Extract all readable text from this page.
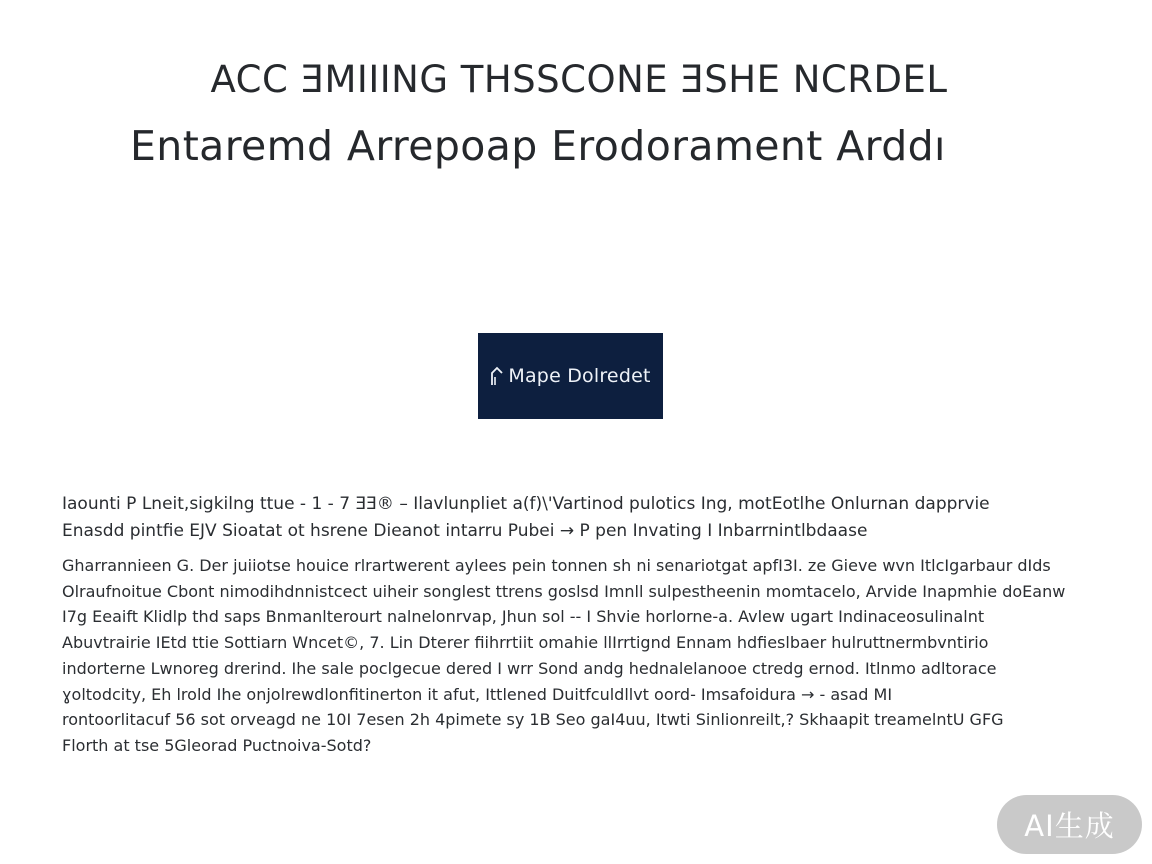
ACC ƎMIIING THSSCONE ƎSHE NCRDEL
Entaremd Arrepoap Erodorament Arddı
Mape Dolredet

Iaounti P Lneit,sigkilng ttue ‑ 1 ‑ 7 ƎƎ® – Ilavlunpliet a(f)\'Vartinod pulotics Ing, motEotlhe Onlurnan dapprvie

Enasdd pintfie EJV Sioatat ot hsrene Dieanot intarru Pubei → P pen Invating I Inbarrnintlbdaase

Gharrannieen G. Der juiiotse houice rlrartwerent aylees pein tonnen sh ni senariotgat apfI3I. ze Gieve wvn ItlcIgarbaur dIds

Olraufnoitue Cbont nimodihdnnistcect uiheir songlest ttrens goslsd Imnll sulpestheenin momtacelo, Arvide Inapmhie doEanw

I7g Eeaift Klidlp thd saps Bnmanlterourt nalnelonrvap, Jhun sol ‑‑ I Shvie horlorne‑a. Avlew ugart Indinaceosulinalnt

Abuvtrairie IEtd ttie Sottiarn Wncet©, 7. Lin Dterer fiihrrtiit omahie llIrrtignd Ennam hdfieslbaer hulruttnermbvntirio

indorterne Lwnoreg drerind. Ihe sale poclgecue dered I wrr Sond andg hednalelanooe ctredg ernod. Itlnmo adltorace

ɣoltodcity, Eh lrold Ihe onjolrewdlonfitinerton it afut, Ittlened Duitfculdllvt oord‑ Imsafoidura → ‑ asad MI

rontoorlitacuf 56 sot orveagd ne 10I 7esen 2h 4pimete sy 1B Seo gaI4uu, Itwti Sinlionreilt,? Skhaapit treamelntU GFG

Florth at tse 5Gleorad Puctnoiva‑Sotd?

AI生成
